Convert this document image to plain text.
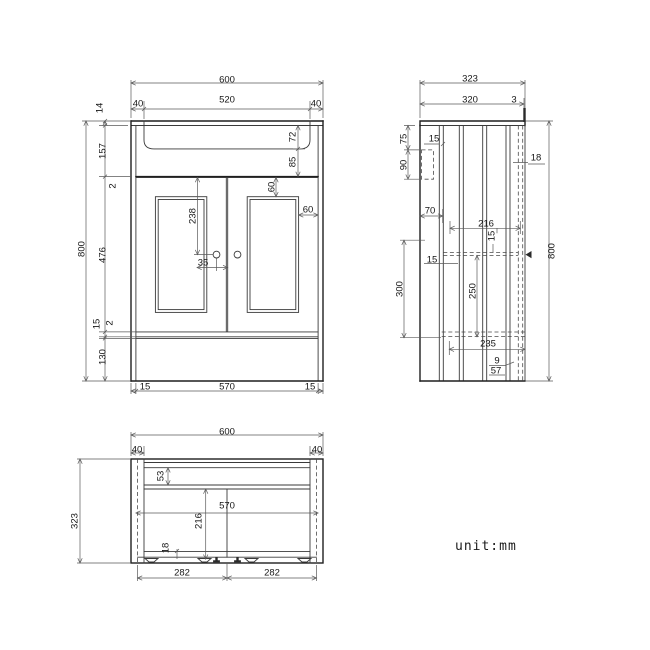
600
40	520	40
14
157
2
476
15 2
130
800
72
85
60
60
238
35
15	570	15
323
320	3
75 15
90
18
70
216
15
15
300	250
800
235
9
57
600
40	40
53
570
216
18
323
282	282
unit:mm
